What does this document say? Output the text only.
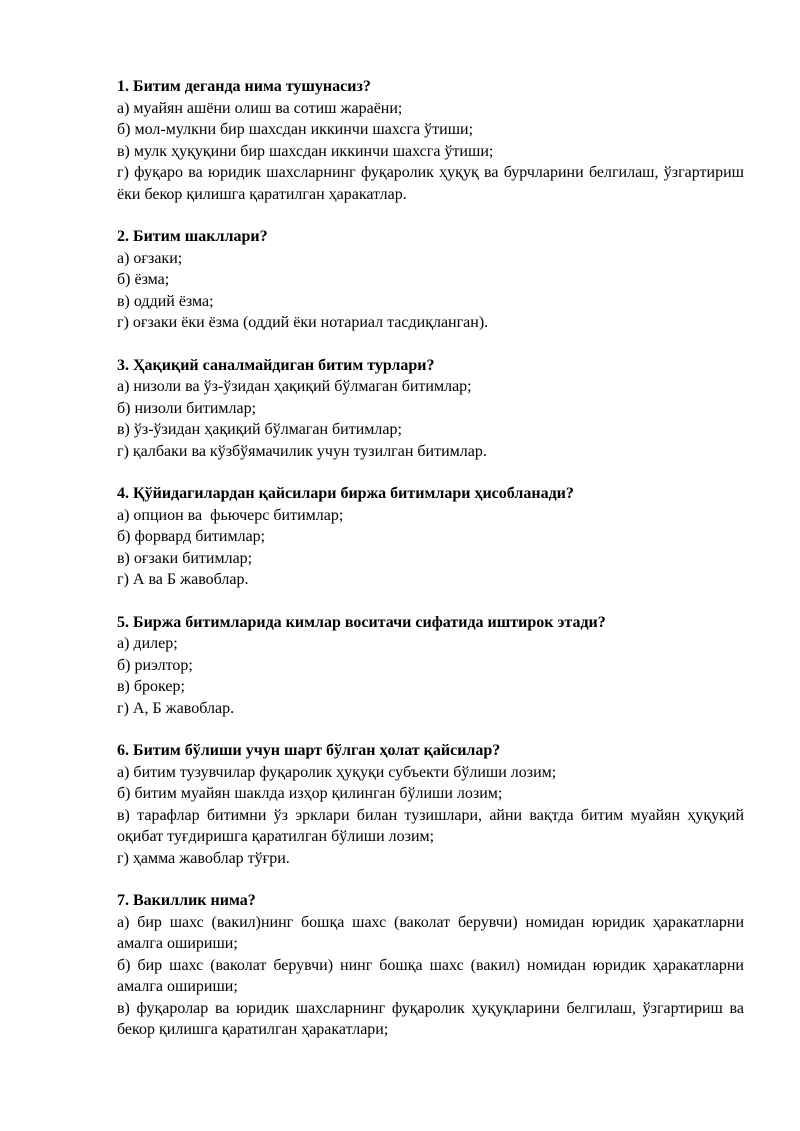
1. Битим деганда нима тушунасиз?

а) муайян ашёни олиш ва сотиш жараёни;

б) мол-мулкни бир шахсдан иккинчи шахсга ўтиши;

в) мулк ҳуқуқини бир шахсдан иккинчи шахсга ўтиши;

г) фуқаро ва юридик шахсларнинг фуқаролик ҳуқуқ ва бурчларини белгилаш, ўзгартириш ёки бекор қилишга қаратилган ҳаракатлар.

2. Битим шакллари?

а) оғзаки;

б) ёзма;

в) оддий ёзма;

г) оғзаки ёки ёзма (оддий ёки нотариал тасдиқланган).

3. Ҳақиқий саналмайдиган битим турлари?

а) низоли ва ўз-ўзидан ҳақиқий бўлмаган битимлар;

б) низоли битимлар;

в) ўз-ўзидан ҳақиқий бўлмаган битимлар;

г) қалбаки ва кўзбўямачилик учун тузилган битимлар.

4. Қўйидагилардан қайсилари биржа битимлари ҳисобланади?

а) опцион ва  фьючерс битимлар;

б) форвард битимлар;

в) оғзаки битимлар;

г) А ва Б жавоблар.

5. Биржа битимларида кимлар воситачи сифатида иштирок этади?

а) дилер;

б) риэлтор;

в) брокер;

г) А, Б жавоблар.

6. Битим бўлиши учун шарт бўлган ҳолат қайсилар?

а) битим тузувчилар фуқаролик ҳуқуқи субъекти бўлиши лозим;

б) битим муайян шаклда изҳор қилинган бўлиши лозим;

в) тарафлар битимни ўз эрклари билан тузишлари, айни вақтда битим муайян ҳуқуқий оқибат туғдиришга қаратилган бўлиши лозим;

г) ҳамма жавоблар тўғри.

7. Вакиллик нима?

а) бир шахс (вакил)нинг бошқа шахс (ваколат берувчи) номидан юридик ҳаракатларни амалга ошириши;

б) бир шахс (ваколат берувчи) нинг бошқа шахс (вакил) номидан юридик ҳаракатларни амалга ошириши;

в) фуқаролар ва юридик шахсларнинг фуқаролик ҳуқуқларини белгилаш, ўзгартириш ва бекор қилишга қаратилган ҳаракатлари;
